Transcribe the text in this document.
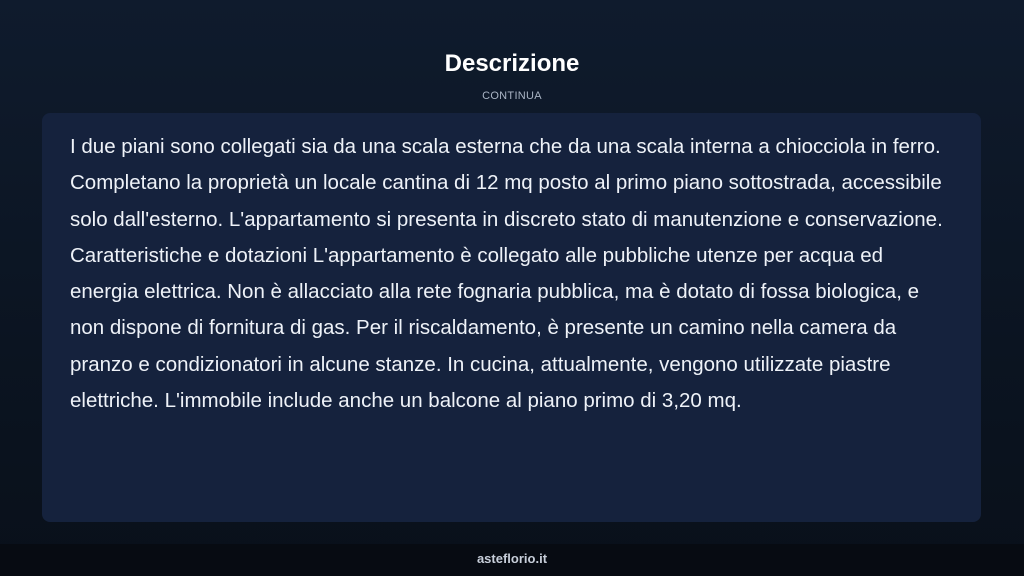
Descrizione
CONTINUA

I due piani sono collegati sia da una scala esterna che da una scala interna a chiocciola in ferro. Completano la proprietà un locale cantina di 12 mq posto al primo piano sottostrada, accessibile solo dall'esterno. L'appartamento si presenta in discreto stato di manutenzione e conservazione. Caratteristiche e dotazioni L'appartamento è collegato alle pubbliche utenze per acqua ed energia elettrica. Non è allacciato alla rete fognaria pubblica, ma è dotato di fossa biologica, e non dispone di fornitura di gas. Per il riscaldamento, è presente un camino nella camera da pranzo e condizionatori in alcune stanze. In cucina, attualmente, vengono utilizzate piastre elettriche. L'immobile include anche un balcone al piano primo di 3,20 mq.

asteflorio.it
